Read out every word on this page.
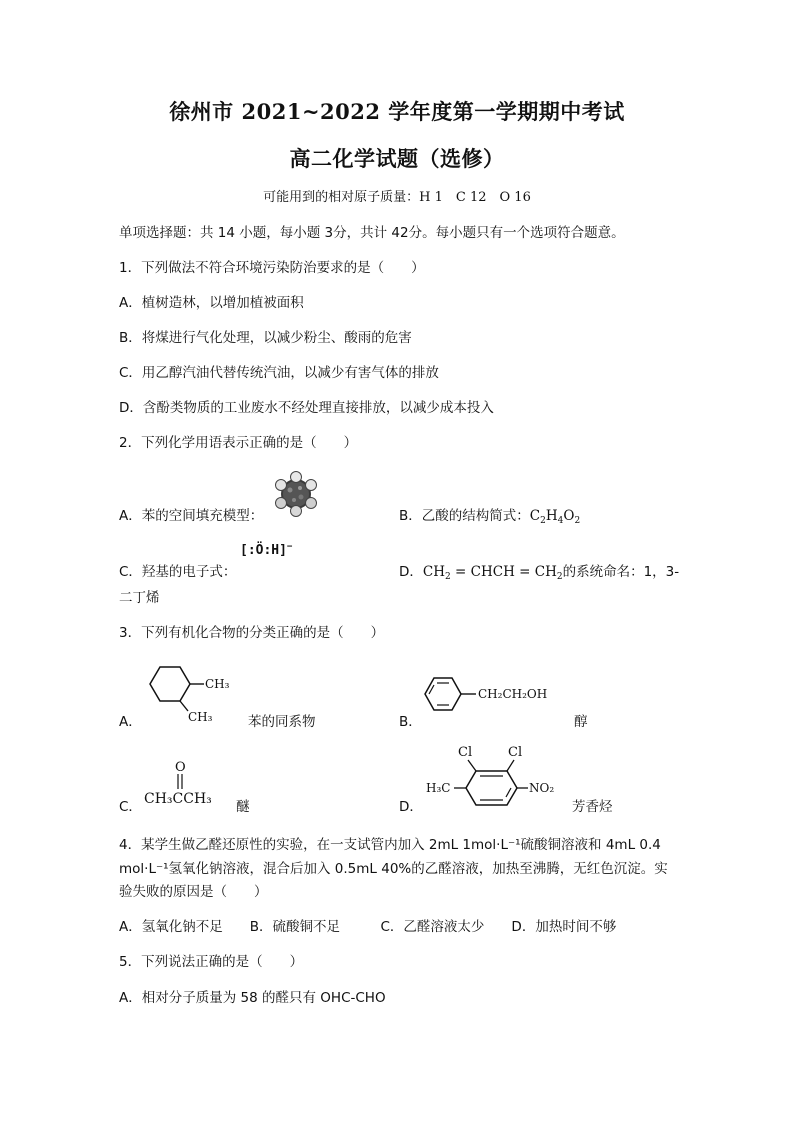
徐州市 2021~2022 学年度第一学期期中考试
高二化学试题（选修）
可能用到的相对原子质量：H 1　C 12　O 16
单项选择题：共 14 小题，每小题 3分，共计 42分。每小题只有一个选项符合题意。
1．下列做法不符合环境污染防治要求的是（　　）
A．植树造林，以增加植被面积
B．将煤进行气化处理，以减少粉尘、酸雨的危害
C．用乙醇汽油代替传统汽油，以减少有害气体的排放
D．含酚类物质的工业废水不经处理直接排放，以减少成本投入
2．下列化学用语表示正确的是（　　）
A．苯的空间填充模型：	B．乙酸的结构简式：$C_2H_4O_2$
C．羟基的电子式：
[:Ö:H]−
D．$CH_2$ = CHCH = $CH_2$的系统命名：1，3-
二丁烯
3．下列有机化合物的分类正确的是（　　）
A．
CH₃
CH₃	苯的同系物	B．
CH₂CH₂OH
醇
C．
O
CH₃CCH₃ 醚	D．
Cl	Cl
H₃C	NO₂
芳香烃
4．某学生做乙醛还原性的实验，在一支试管内加入 2mL 1mol·L⁻¹硫酸铜溶液和 4mL 0.4
mol·L⁻¹氢氧化钠溶液，混合后加入 0.5mL 40%的乙醛溶液，加热至沸腾，无红色沉淀。实
验失败的原因是（　　）
A．氢氧化钠不足　　B．硫酸铜不足　　　C．乙醛溶液太少　　D．加热时间不够
5．下列说法正确的是（　　）
A．相对分子质量为 58 的醛只有 OHC-CHO
